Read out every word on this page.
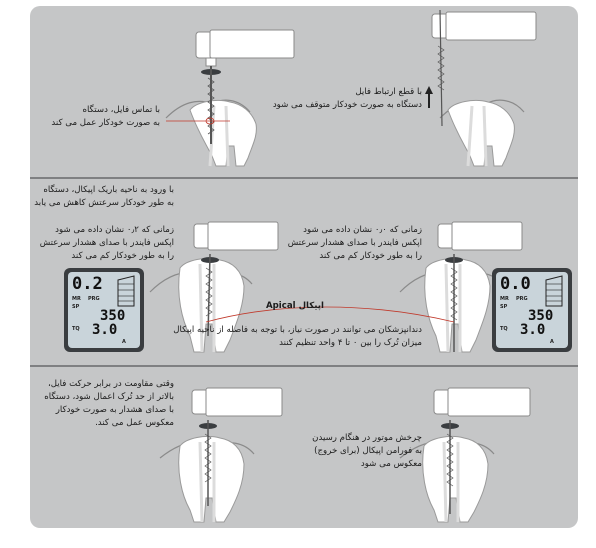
با تماس فایل، دستگاه
به صورت خودکار عمل می کند
با قطع ارتباط فایل
دستگاه به صورت خودکار متوقف می شود
با ورود به ناحیه باریک اپیکال، دستگاه
به طور خودکار سرعتش کاهش می یابد
زمانی که ۰٫۲ نشان داده می شود
اپکس فایندر با صدای هشدار سرعتش
را به طور خودکار کم می کند
زمانی که ۰٫۰ نشان داده می شود
اپکس فایندر با صدای هشدار سرعتش
را به طور خودکار کم می کند
اپیکال Apical
دندانپزشکان می توانند در صورت نیاز، با توجه به فاصله از ناحیه اپیکال
میزان تُرک را بین ۰ تا ۴ واحد تنظیم کنند
0.2
MR PRG
SP
350
TQ 3.0
A
0.0
MR PRG
SP
350
TQ 3.0
A
وقتی مقاومت در برابر حرکت فایل،
بالاتر از حد تُرک اعمال شود، دستگاه
با صدای هشدار به صورت خودکار
معکوس عمل می کند.
چرخش موتور در هنگام رسیدن
به فورامن اپیکال (برای خروج)
معکوس می شود
